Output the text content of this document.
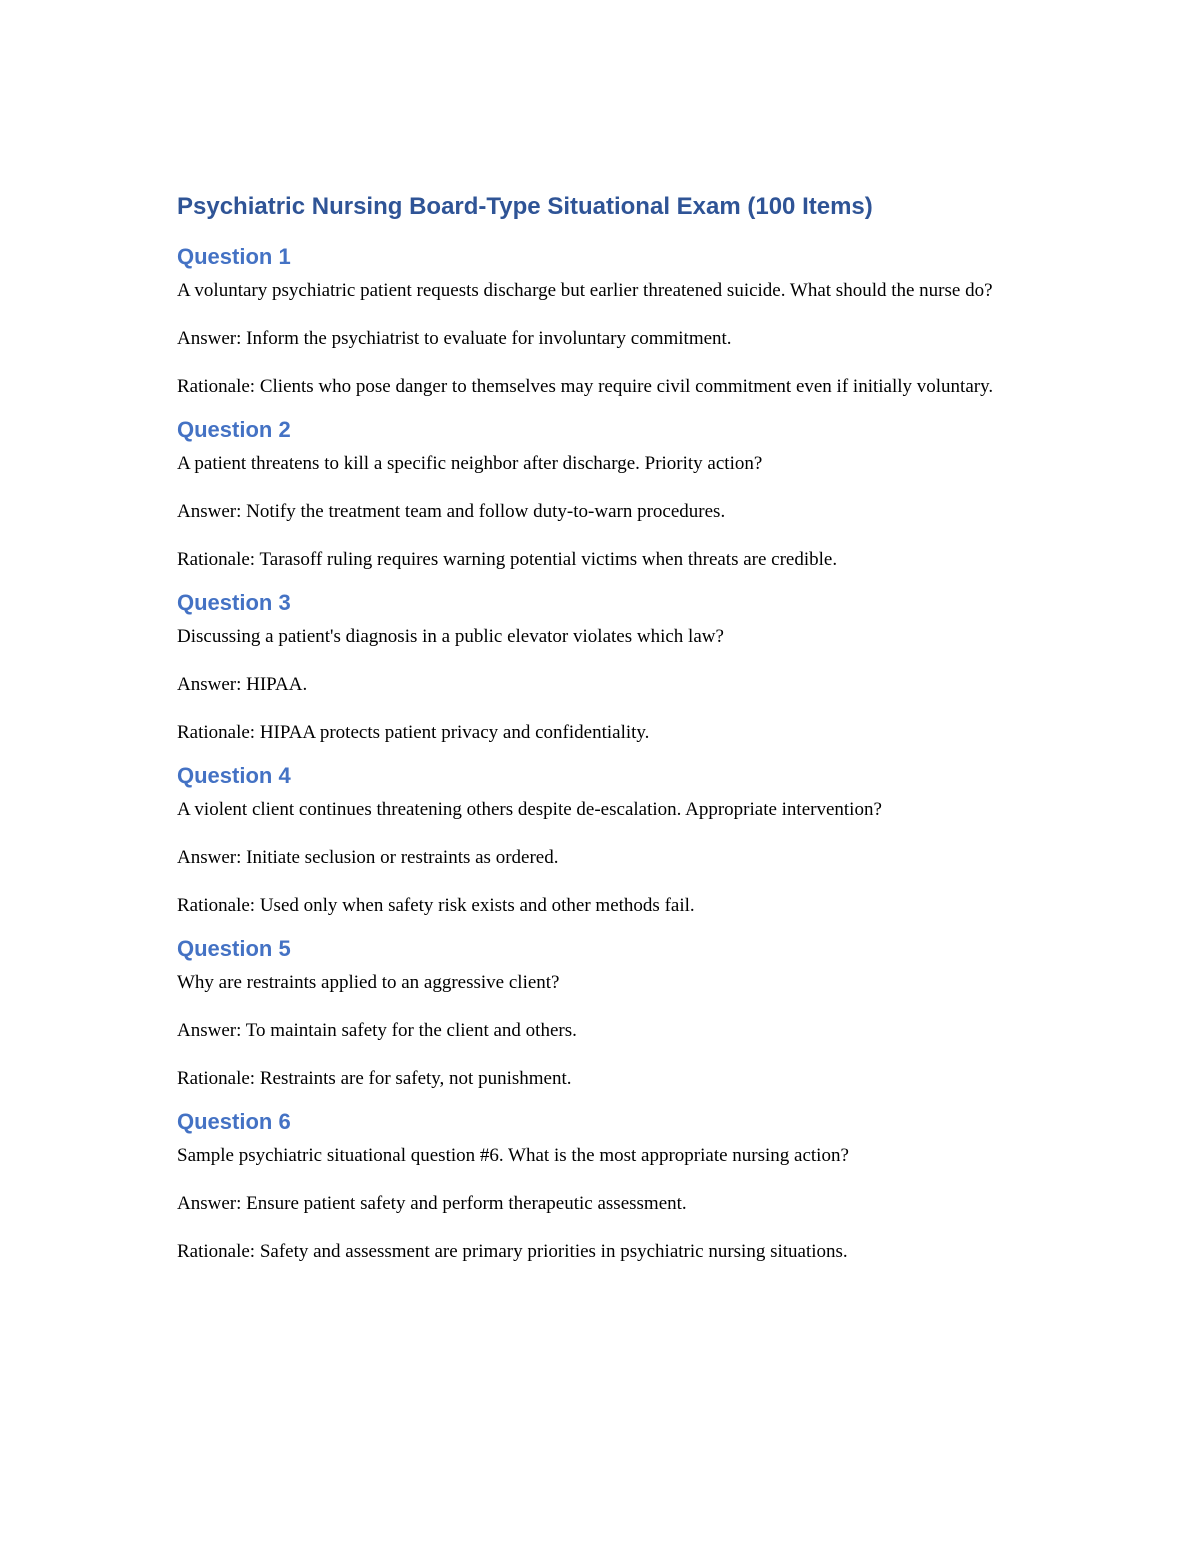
Psychiatric Nursing Board-Type Situational Exam (100 Items)
Question 1

A voluntary psychiatric patient requests discharge but earlier threatened suicide. What should the nurse do?

Answer: Inform the psychiatrist to evaluate for involuntary commitment.

Rationale: Clients who pose danger to themselves may require civil commitment even if initially voluntary.

Question 2

A patient threatens to kill a specific neighbor after discharge. Priority action?

Answer: Notify the treatment team and follow duty-to-warn procedures.

Rationale: Tarasoff ruling requires warning potential victims when threats are credible.

Question 3

Discussing a patient's diagnosis in a public elevator violates which law?

Answer: HIPAA.

Rationale: HIPAA protects patient privacy and confidentiality.

Question 4

A violent client continues threatening others despite de-escalation. Appropriate intervention?

Answer: Initiate seclusion or restraints as ordered.

Rationale: Used only when safety risk exists and other methods fail.

Question 5

Why are restraints applied to an aggressive client?

Answer: To maintain safety for the client and others.

Rationale: Restraints are for safety, not punishment.

Question 6

Sample psychiatric situational question #6. What is the most appropriate nursing action?

Answer: Ensure patient safety and perform therapeutic assessment.

Rationale: Safety and assessment are primary priorities in psychiatric nursing situations.
